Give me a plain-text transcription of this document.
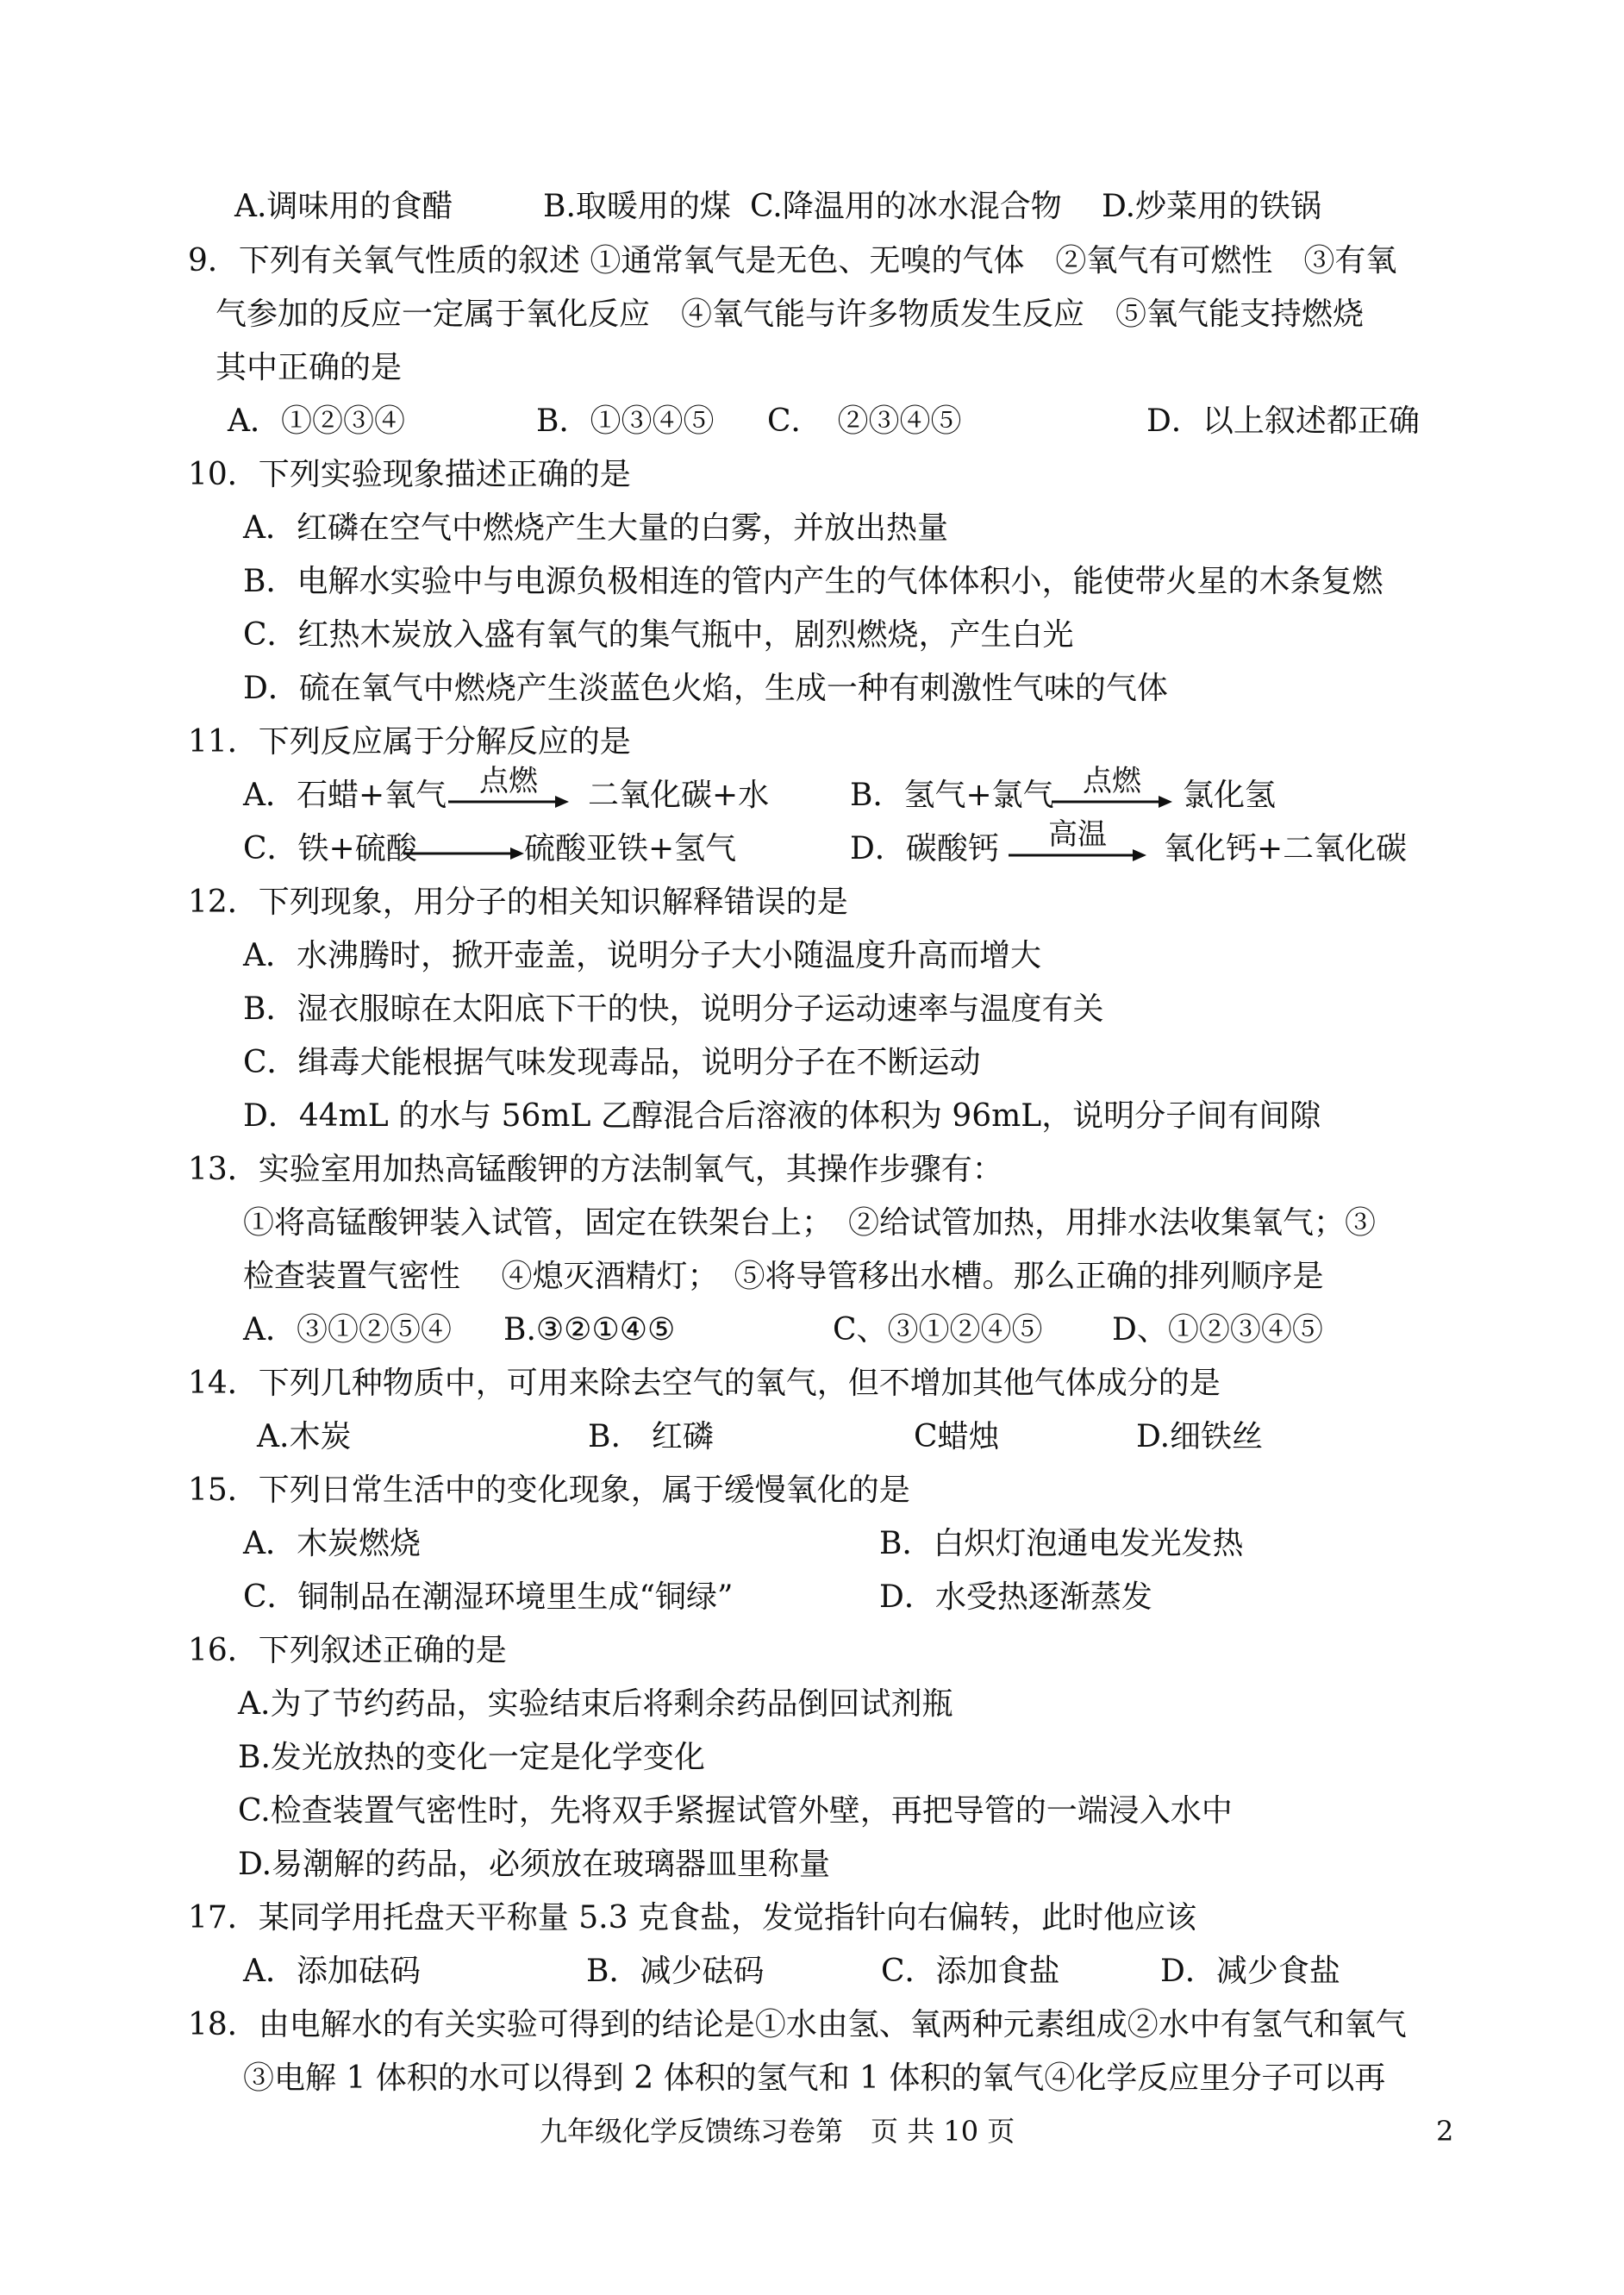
A.调味用的食醋	B.取暖用的煤 C.降温用的冰水混合物 D.炒菜用的铁锅
9．下列有关氧气性质的叙述 ①通常氧气是无色、无嗅的气体　②氧气有可燃性　③有氧
气参加的反应一定属于氧化反应　④氧气能与许多物质发生反应　⑤氧气能支持燃烧
其中正确的是
A．①②③④	B．①③④⑤ C．　②③④⑤	D．以上叙述都正确
10．下列实验现象描述正确的是
A．红磷在空气中燃烧产生大量的白雾，并放出热量
B．电解水实验中与电源负极相连的管内产生的气体体积小，能使带火星的木条复燃
C．红热木炭放入盛有氧气的集气瓶中，剧烈燃烧，产生白光
D．硫在氧气中燃烧产生淡蓝色火焰，生成一种有刺激性气味的气体
11．下列反应属于分解反应的是
A．石蜡+氧气	点燃	二氧化碳+水	B．氢气+氯气 点燃	氯化氢
C．铁+硫酸	硫酸亚铁+氢气	D．碳酸钙	高温	氧化钙+二氧化碳
12．下列现象，用分子的相关知识解释错误的是
A．水沸腾时，掀开壶盖，说明分子大小随温度升高而增大
B．湿衣服晾在太阳底下干的快，说明分子运动速率与温度有关
C．缉毒犬能根据气味发现毒品，说明分子在不断运动
D．44mL 的水与 56mL 乙醇混合后溶液的体积为 96mL，说明分子间有间隙
13．实验室用加热高锰酸钾的方法制氧气，其操作步骤有：
①将高锰酸钾装入试管，固定在铁架台上；　②给试管加热，用排水法收集氧气；③
检查装置气密性　 ④熄灭酒精灯；　⑤将导管移出水槽。那么正确的排列顺序是
A．③①②⑤④ B.③②①④⑤	C、③①②④⑤ D、①②③④⑤
14．下列几种物质中，可用来除去空气的氧气，但不增加其他气体成分的是
A.木炭	B.　红磷	C蜡烛	D.细铁丝
15．下列日常生活中的变化现象，属于缓慢氧化的是
A．木炭燃烧	B．白炽灯泡通电发光发热
C．铜制品在潮湿环境里生成“铜绿”	D．水受热逐渐蒸发
16．下列叙述正确的是
A.为了节约药品，实验结束后将剩余药品倒回试剂瓶
B.发光放热的变化一定是化学变化
C.检查装置气密性时，先将双手紧握试管外壁，再把导管的一端浸入水中
D.易潮解的药品，必须放在玻璃器皿里称量
17．某同学用托盘天平称量 5.3 克食盐，发觉指针向右偏转，此时他应该
A．添加砝码	B．减少砝码	C．添加食盐	D．减少食盐
18．由电解水的有关实验可得到的结论是①水由氢、氧两种元素组成②水中有氢气和氧气
③电解 1 体积的水可以得到 2 体积的氢气和 1 体积的氧气④化学反应里分子可以再
九年级化学反馈练习卷第　页 共 10 页	2
